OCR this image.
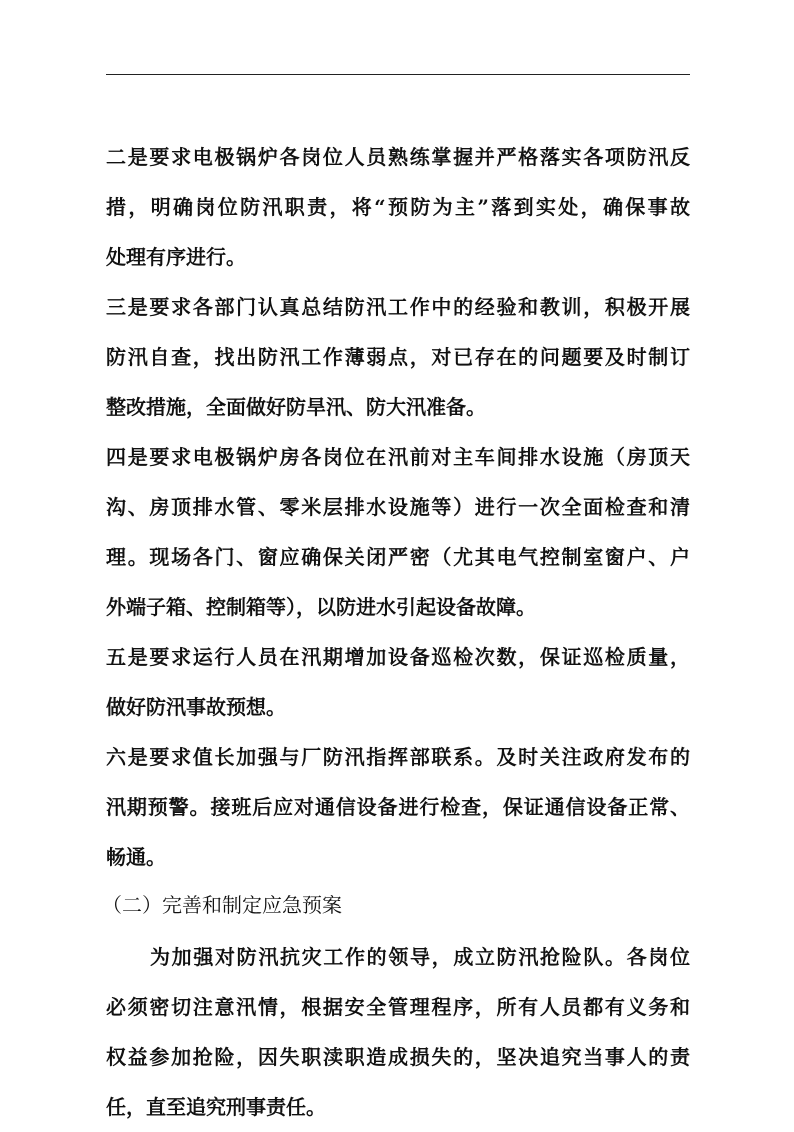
二是要求电极锅炉各岗位人员熟练掌握并严格落实各项防汛反
措，明确岗位防汛职责，将“预防为主”落到实处，确保事故
处理有序进行。
三是要求各部门认真总结防汛工作中的经验和教训，积极开展
防汛自查，找出防汛工作薄弱点，对已存在的问题要及时制订
整改措施，全面做好防旱汛、防大汛准备。
四是要求电极锅炉房各岗位在汛前对主车间排水设施（房顶天
沟、房顶排水管、零米层排水设施等）进行一次全面检查和清
理。现场各门、窗应确保关闭严密（尤其电气控制室窗户、户
外端子箱、控制箱等），以防进水引起设备故障。
五是要求运行人员在汛期增加设备巡检次数，保证巡检质量，
做好防汛事故预想。
六是要求值长加强与厂防汛指挥部联系。及时关注政府发布的
汛期预警。接班后应对通信设备进行检查，保证通信设备正常、
畅通。
（二）完善和制定应急预案
为加强对防汛抗灾工作的领导，成立防汛抢险队。各岗位
必须密切注意汛情，根据安全管理程序，所有人员都有义务和
权益参加抢险，因失职渎职造成损失的，坚决追究当事人的责
任，直至追究刑事责任。
